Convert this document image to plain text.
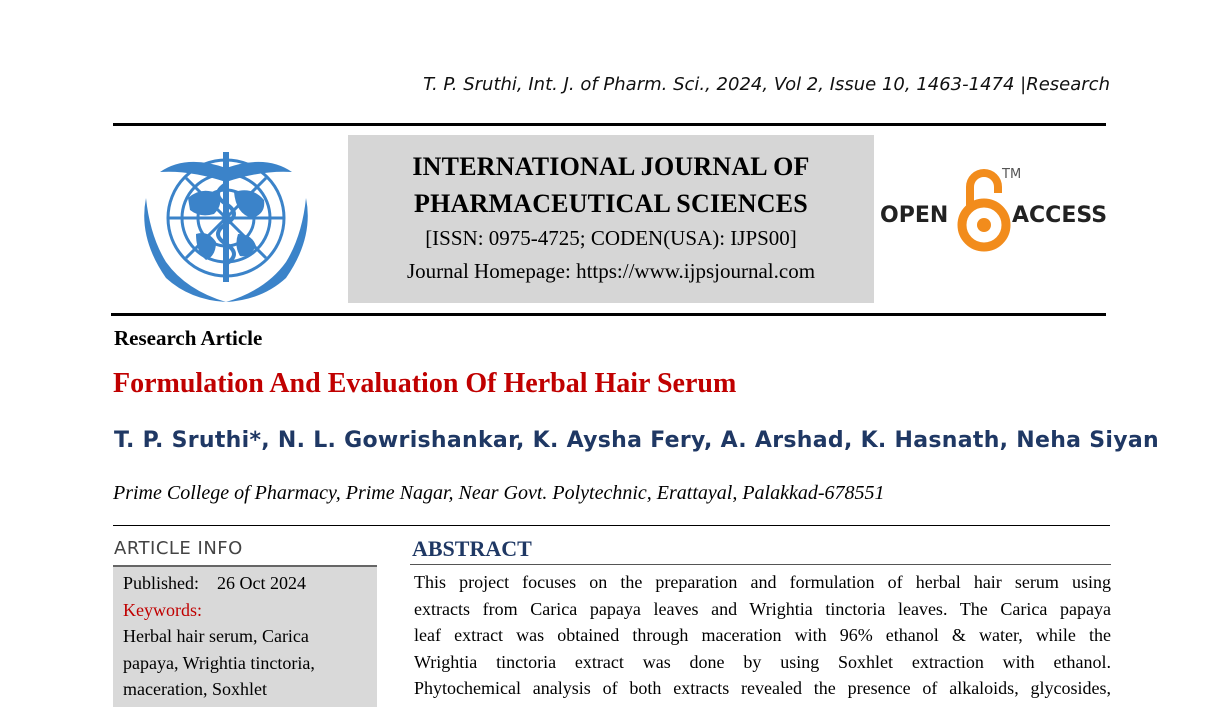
T. P. Sruthi, Int. J. of Pharm. Sci., 2024, Vol 2, Issue 10, 1463-1474 |Research
INTERNATIONAL JOURNAL OF
PHARMACEUTICAL SCIENCES
[ISSN: 0975-4725; CODEN(USA): IJPS00]
Journal Homepage: https://www.ijpsjournal.com
OPEN
TM
ACCESS
Research Article
Formulation And Evaluation Of Herbal Hair Serum
T. P. Sruthi*, N. L. Gowrishankar, K. Aysha Fery, A. Arshad, K. Hasnath, Neha Siyan
Prime College of Pharmacy, Prime Nagar, Near Govt. Polytechnic, Erattayal, Palakkad-678551
ARTICLE INFO
Published: 26 Oct 2024
Keywords:
Herbal hair serum, Carica
papaya, Wrightia tinctoria,
maceration, Soxhlet
ABSTRACT
This project focuses on the preparation and formulation of herbal hair serum using
extracts from Carica papaya leaves and Wrightia tinctoria leaves. The Carica papaya
leaf extract was obtained through maceration with 96% ethanol & water, while the
Wrightia tinctoria extract was done by using Soxhlet extraction with ethanol.
Phytochemical analysis of both extracts revealed the presence of alkaloids, glycosides,
